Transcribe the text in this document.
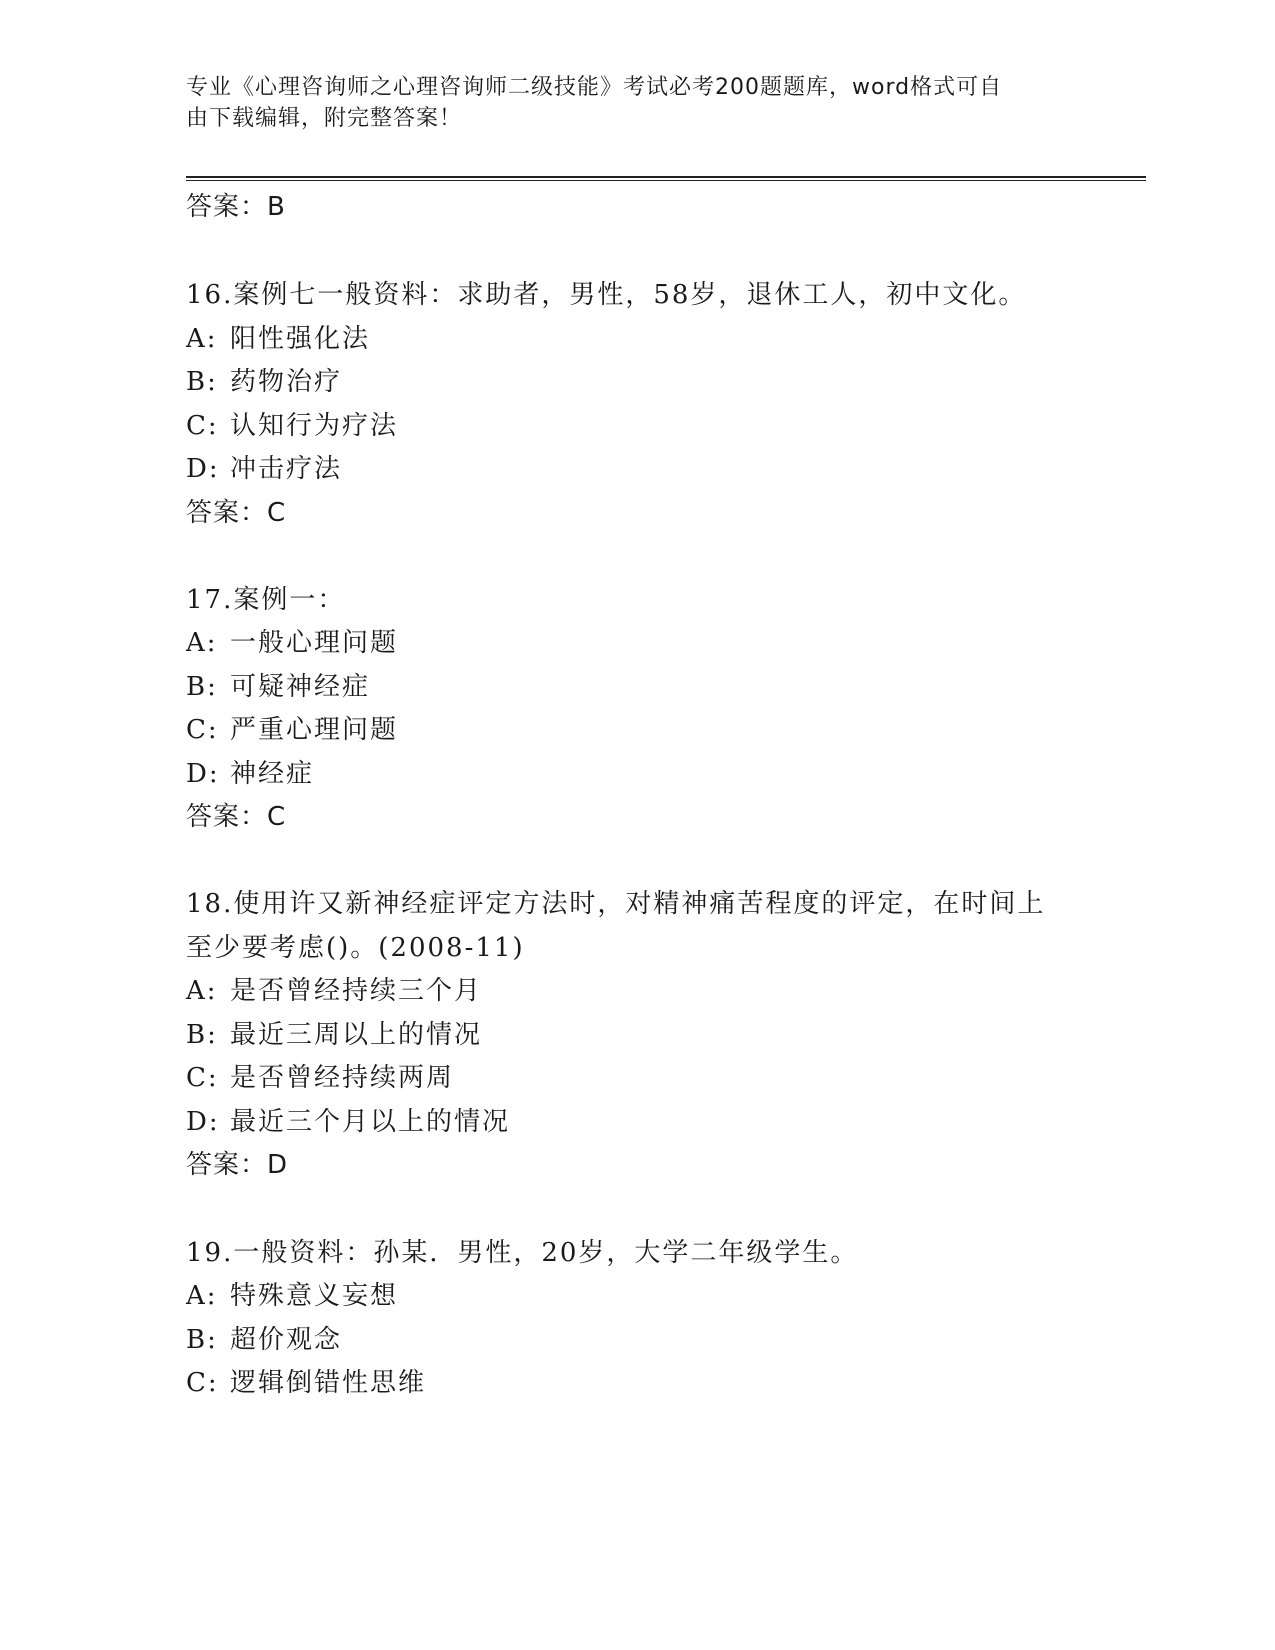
专业《心理咨询师之心理咨询师二级技能》考试必考200题题库，word格式可自
由下载编辑，附完整答案！
答案：B
16.案例七一般资料：求助者，男性，58岁，退休工人，初中文化。
A: 阳性强化法
B: 药物治疗
C: 认知行为疗法
D: 冲击疗法
答案：C
17.案例一：
A: 一般心理问题
B: 可疑神经症
C: 严重心理问题
D: 神经症
答案：C
18.使用许又新神经症评定方法时，对精神痛苦程度的评定，在时间上
至少要考虑()。(2008-11)
A: 是否曾经持续三个月
B: 最近三周以上的情况
C: 是否曾经持续两周
D: 最近三个月以上的情况
答案：D
19.一般资料：孙某．男性，20岁，大学二年级学生。
A: 特殊意义妄想
B: 超价观念
C: 逻辑倒错性思维
